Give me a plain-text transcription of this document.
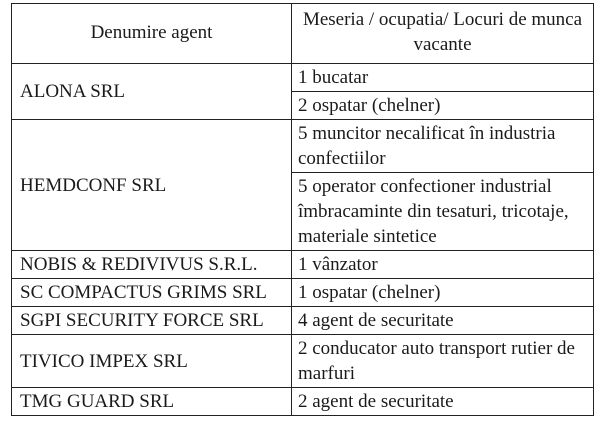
Denumire agent	Meseria / ocupatia/ Locuri de munca vacante
ALONA SRL	1 bucatar
	2 ospatar (chelner)
HEMDCONF SRL	5 muncitor necalificat în industria confectiilor
	5 operator confectioner industrial îmbracaminte din tesaturi, tricotaje, materiale sintetice
NOBIS & REDIVIVUS S.R.L.	1 vânzator
SC COMPACTUS GRIMS SRL	1 ospatar (chelner)
SGPI SECURITY FORCE SRL	4 agent de securitate
TIVICO IMPEX SRL	2 conducator auto transport rutier de marfuri
TMG GUARD SRL	2 agent de securitate
